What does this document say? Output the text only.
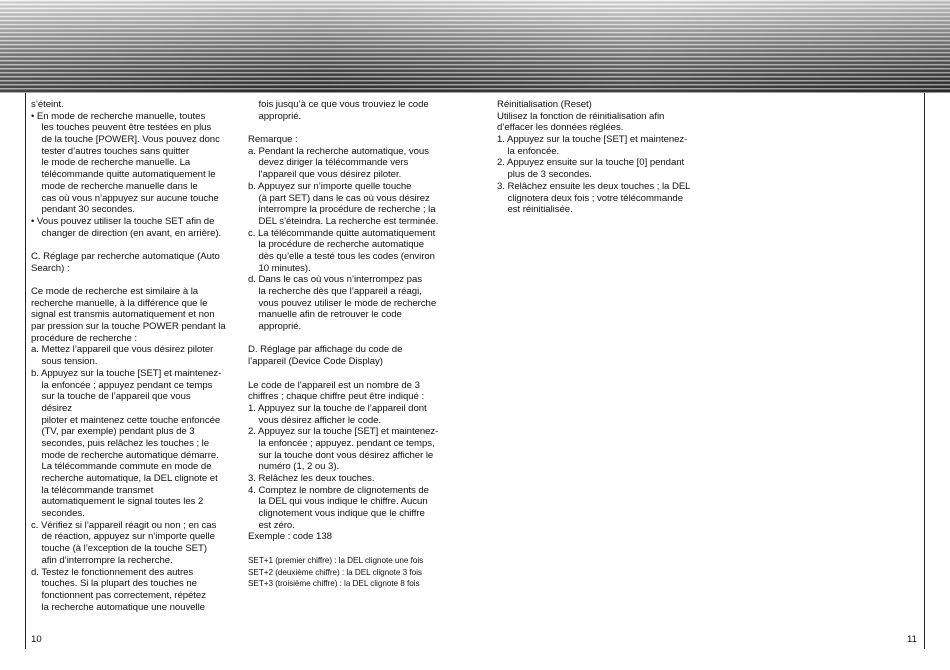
s’éteint.
• En mode de recherche manuelle, toutes
les touches peuvent être testées en plus
de la touche [POWER]. Vous pouvez donc
tester d’autres touches sans quitter
le mode de recherche manuelle. La
télécommande quitte automatiquement le
mode de recherche manuelle dans le
cas où vous n’appuyez sur aucune touche
pendant 30 secondes.
• Vous pouvez utiliser la touche SET afin de
changer de direction (en avant, en arrière).

C. Réglage par recherche automatique (Auto
Search) :

Ce mode de recherche est similaire à la
recherche manuelle, à la différence que le
signal est transmis automatiquement et non
par pression sur la touche POWER pendant la
procédure de recherche :
a. Mettez l’appareil que vous désirez piloter
sous tension.
b. Appuyez sur la touche [SET] et maintenez-
la enfoncée ; appuyez pendant ce temps
sur la touche de l’appareil que vous
désirez
piloter et maintenez cette touche enfoncée
(TV, par exemple) pendant plus de 3
secondes, puis relâchez les touches ; le
mode de recherche automatique démarre.
La télécommande commute en mode de
recherche automatique, la DEL clignote et
la télécommande transmet
automatiquement le signal toutes les 2
secondes.
c. Vérifiez si l’appareil réagit ou non ; en cas
de réaction, appuyez sur n’importe quelle
touche (à l’exception de la touche SET)
afin d’interrompre la recherche.
d. Testez le fonctionnement des autres
touches. Si la plupart des touches ne
fonctionnent pas correctement, répétez
la recherche automatique une nouvelle
fois jusqu’à ce que vous trouviez le code
approprié.

Remarque :
a. Pendant la recherche automatique, vous
devez diriger la télécommande vers
l’appareil que vous désirez piloter.
b. Appuyez sur n’importe quelle touche
(à part SET) dans le cas où vous désirez
interrompre la procédure de recherche ; la
DEL s’éteindra. La recherche est terminée.
c. La télécommande quitte automatiquement
la procédure de recherche automatique
dès qu’elle a testé tous les codes (environ
10 minutes).
d. Dans le cas où vous n’interrompez pas
la recherche dès que l’appareil a réagi,
vous pouvez utiliser le mode de recherche
manuelle afin de retrouver le code
approprié.

D. Réglage par affichage du code de
l’appareil (Device Code Display)

Le code de l’appareil est un nombre de 3
chiffres ; chaque chiffre peut être indiqué :
1. Appuyez sur la touche de l’appareil dont
vous désirez afficher le code.
2. Appuyez sur la touche [SET] et maintenez-
la enfoncée ; appuyez. pendant ce temps,
sur la touche dont vous désirez afficher le
numéro (1, 2 ou 3).
3. Relâchez les deux touches.
4. Comptez le nombre de clignotements de
la DEL qui vous indique le chiffre. Aucun
clignotement vous indique que le chiffre
est zéro.
Exemple : code 138

SET+1 (premier chiffre) : la DEL clignote une fois
SET+2 (deuxième chiffre) : la DEL clignote 3 fois
SET+3 (troisième chiffre) : la DEL clignote 8 fois
Réinitialisation (Reset)
Utilisez la fonction de réinitialisation afin
d’effacer les données réglées.
1. Appuyez sur la touche [SET] et maintenez-
la enfoncée.
2. Appuyez ensuite sur la touche [0] pendant
plus de 3 secondes.
3. Relâchez ensuite les deux touches ; la DEL
clignotera deux fois ; votre télécommande
est réinitialisée.
10	11
